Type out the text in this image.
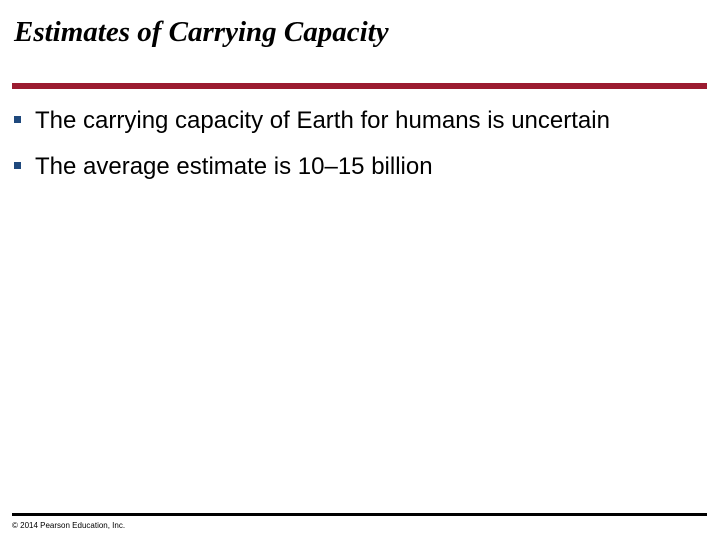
Estimates of Carrying Capacity
The carrying capacity of Earth for humans is uncertain
The average estimate is 10–15 billion
© 2014 Pearson Education, Inc.
